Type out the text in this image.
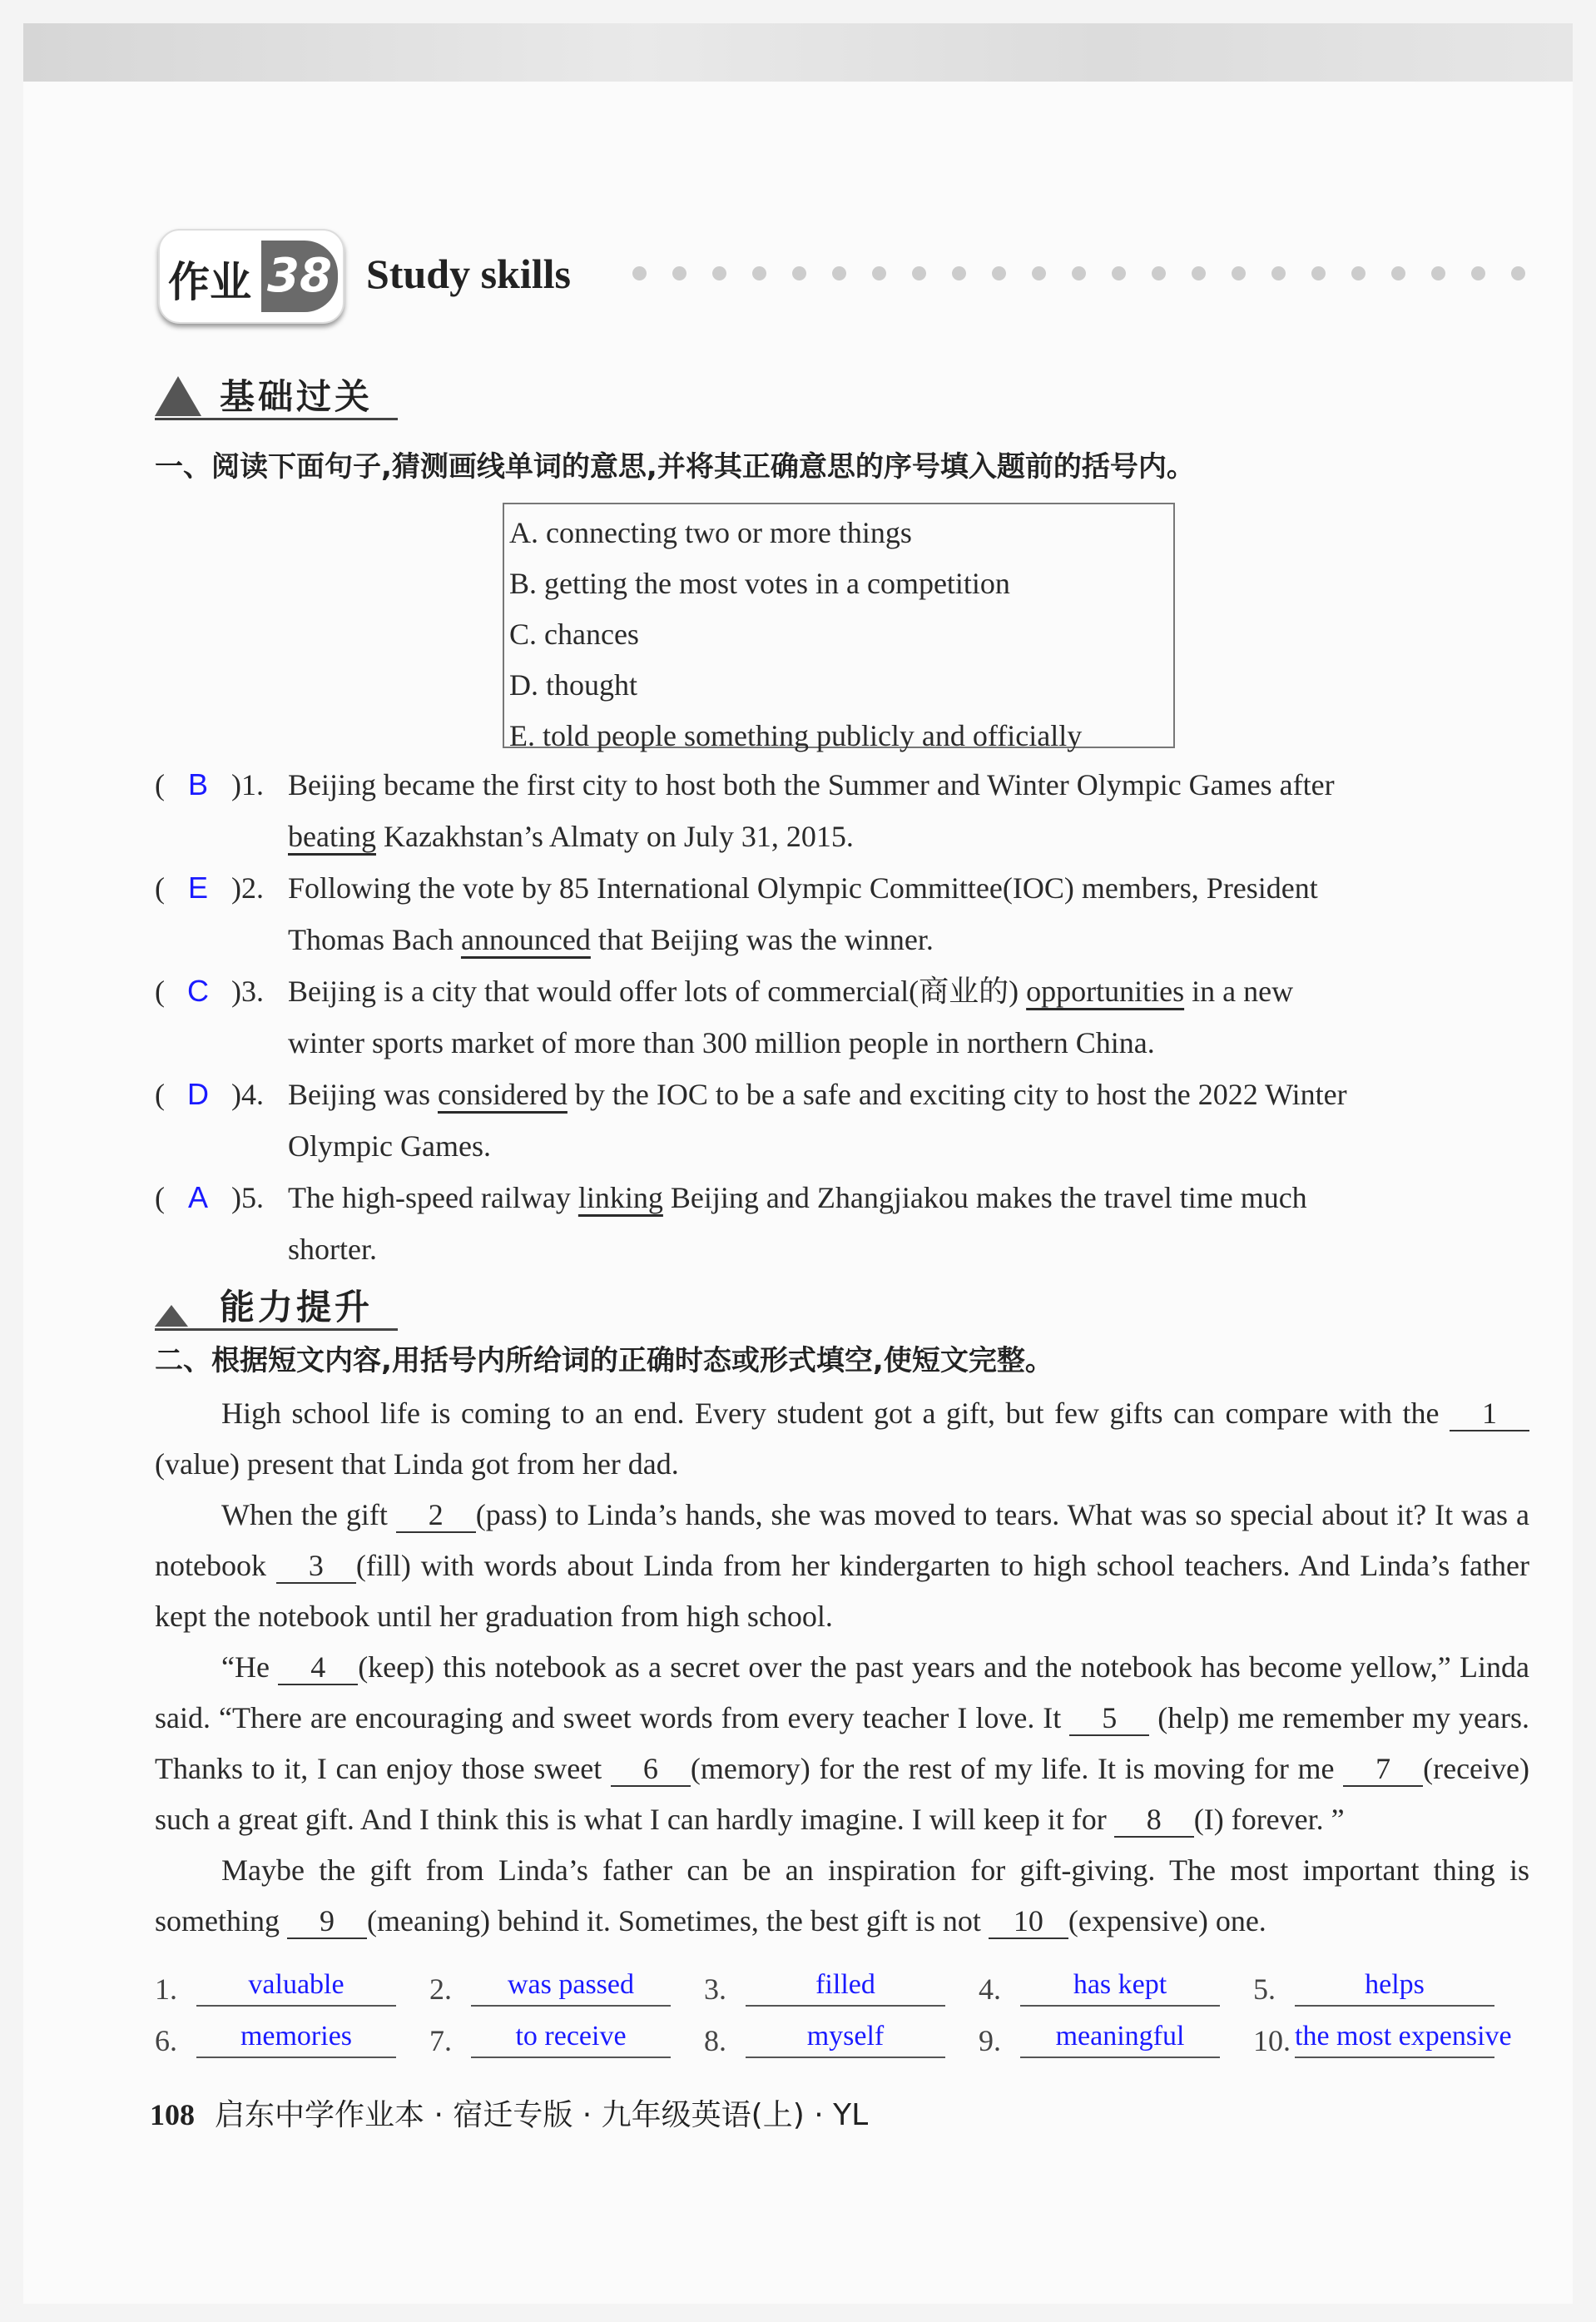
作业 38 Study skills
基础过关
一、阅读下面句子,猜测画线单词的意思,并将其正确意思的序号填入题前的括号内。
A. connecting two or more things
B. getting the most votes in a competition
C. chances
D. thought
E. told people something publicly and officially
( B )1. Beijing became the first city to host both the Summer and Winter Olympic Games after
beating Kazakhstan’s Almaty on July 31, 2015.
( E )2. Following the vote by 85 International Olympic Committee(IOC) members, President
Thomas Bach announced that Beijing was the winner.
( C )3. Beijing is a city that would offer lots of commercial(商业的) opportunities in a new
winter sports market of more than 300 million people in northern China.
( D )4. Beijing was considered by the IOC to be a safe and exciting city to host the 2022 Winter
Olympic Games.
( A )5. The high-speed railway linking Beijing and Zhangjiakou makes the travel time much
shorter.
能力提升
二、根据短文内容,用括号内所给词的正确时态或形式填空,使短文完整。

High school life is coming to an end. Every student got a gift, but few gifts can compare with the 1(value) present that Linda got from her dad.

When the gift 2 (pass) to Linda’s hands, she was moved to tears. What was so special about it? It was a notebook 3 (fill) with words about Linda from her kindergarten to high school teachers. And Linda’s father kept the notebook until her graduation from high school.

“He 4 (keep) this notebook as a secret over the past years and the notebook has become yellow,” Linda said. “There are encouraging and sweet words from every teacher I love. It 5 (help) me remember my years. Thanks to it, I can enjoy those sweet 6 (memory) for the rest of my life. It is moving for me 7 (receive) such a great gift. And I think this is what I can hardly imagine. I will keep it for 8 (I) forever. ”

Maybe the gift from Linda’s father can be an inspiration for gift-giving. The most important thing is something 9 (meaning) behind it. Sometimes, the best gift is not 10 (expensive) one.

1.	valuable	2.	was passed	3.	filled	4.	has kept	5.	helps
6.	memories	7.	to receive	8.	myself	9.	meaningful	10. the most expensive
108 启东中学作业本 · 宿迁专版 · 九年级英语(上) · YL
